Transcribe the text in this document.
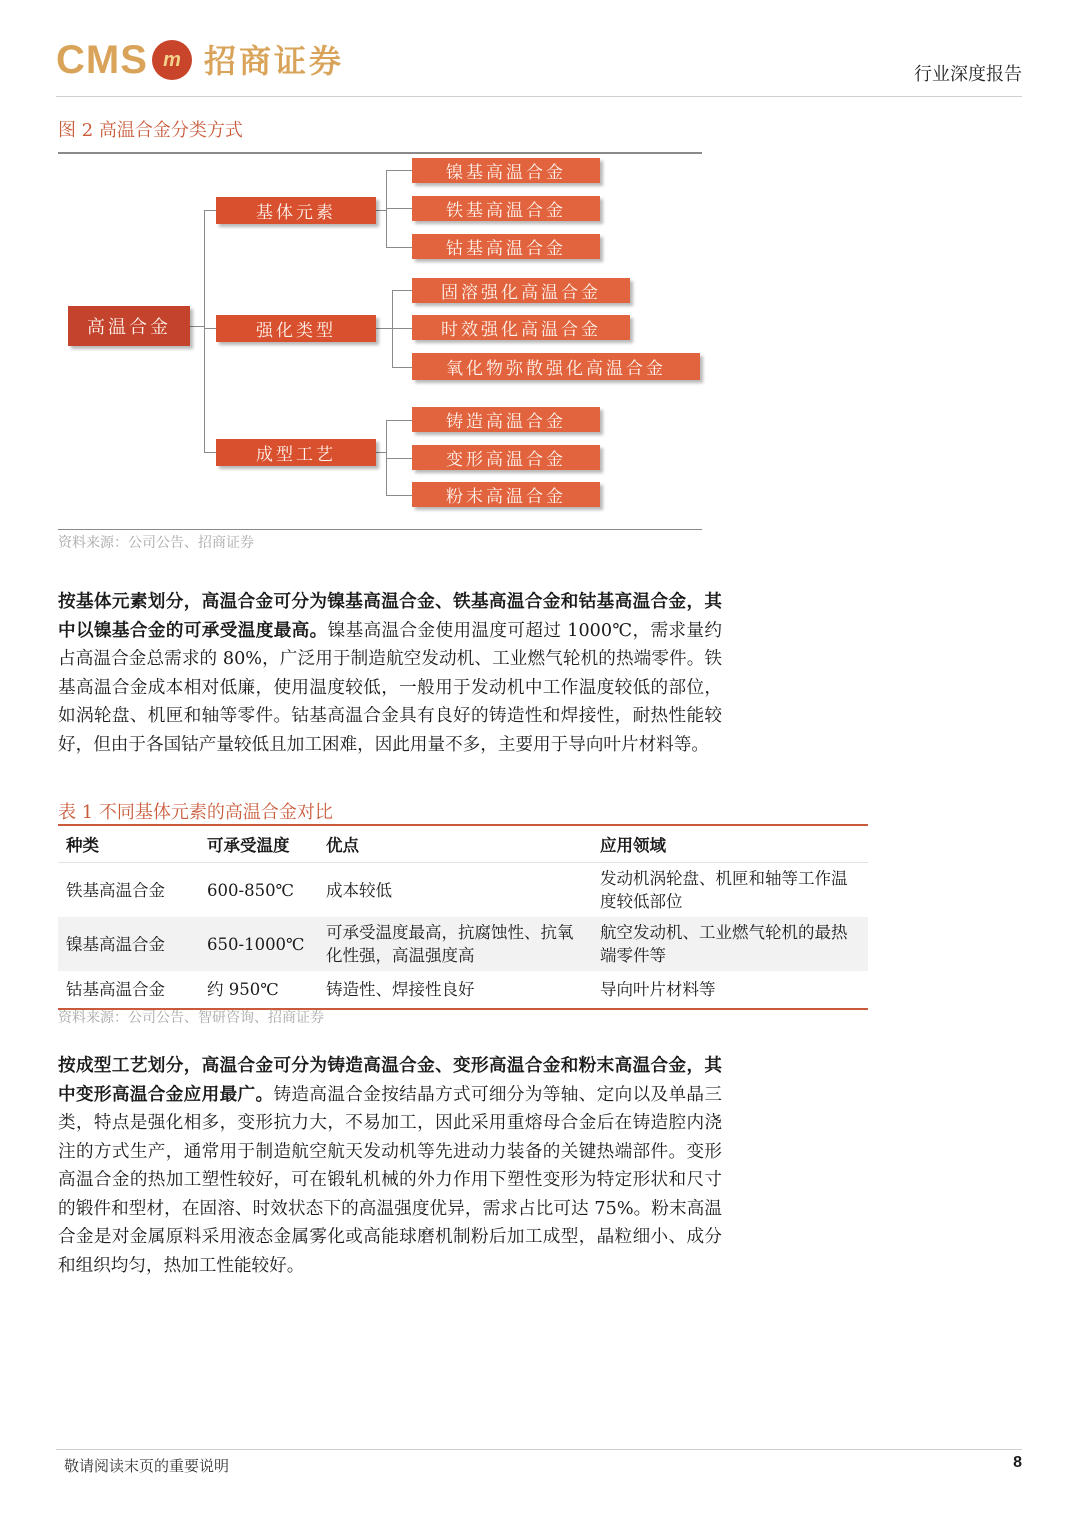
CMS m 招商证券	行业深度报告
图 2 高温合金分类方式
高温合金
基体元素
强化类型
成型工艺
镍基高温合金
铁基高温合金
钴基高温合金
固溶强化高温合金
时效强化高温合金
氧化物弥散强化高温合金
铸造高温合金
变形高温合金
粉末高温合金
资料来源：公司公告、招商证券
按基体元素划分，高温合金可分为镍基高温合金、铁基高温合金和钴基高温合金，其中以镍基合金的可承受温度最高。镍基高温合金使用温度可超过 1000℃，需求量约占高温合金总需求的 80%，广泛用于制造航空发动机、工业燃气轮机的热端零件。铁基高温合金成本相对低廉，使用温度较低，一般用于发动机中工作温度较低的部位，如涡轮盘、机匣和轴等零件。钴基高温合金具有良好的铸造性和焊接性，耐热性能较好，但由于各国钴产量较低且加工困难，因此用量不多，主要用于导向叶片材料等。
表 1 不同基体元素的高温合金对比
种类	可承受温度	优点	应用领域
铁基高温合金	600-850℃	成本较低	发动机涡轮盘、机匣和轴等工作温度较低部位
镍基高温合金	650-1000℃	可承受温度最高，抗腐蚀性、抗氧化性强，高温强度高	航空发动机、工业燃气轮机的最热端零件等
钴基高温合金	约 950℃	铸造性、焊接性良好	导向叶片材料等
资料来源：公司公告、智研咨询、招商证券
按成型工艺划分，高温合金可分为铸造高温合金、变形高温合金和粉末高温合金，其中变形高温合金应用最广。铸造高温合金按结晶方式可细分为等轴、定向以及单晶三类，特点是强化相多，变形抗力大，不易加工，因此采用重熔母合金后在铸造腔内浇注的方式生产，通常用于制造航空航天发动机等先进动力装备的关键热端部件。变形高温合金的热加工塑性较好，可在锻轧机械的外力作用下塑性变形为特定形状和尺寸的锻件和型材，在固溶、时效状态下的高温强度优异，需求占比可达 75%。粉末高温合金是对金属原料采用液态金属雾化或高能球磨机制粉后加工成型，晶粒细小、成分和组织均匀，热加工性能较好。
敬请阅读末页的重要说明	8
